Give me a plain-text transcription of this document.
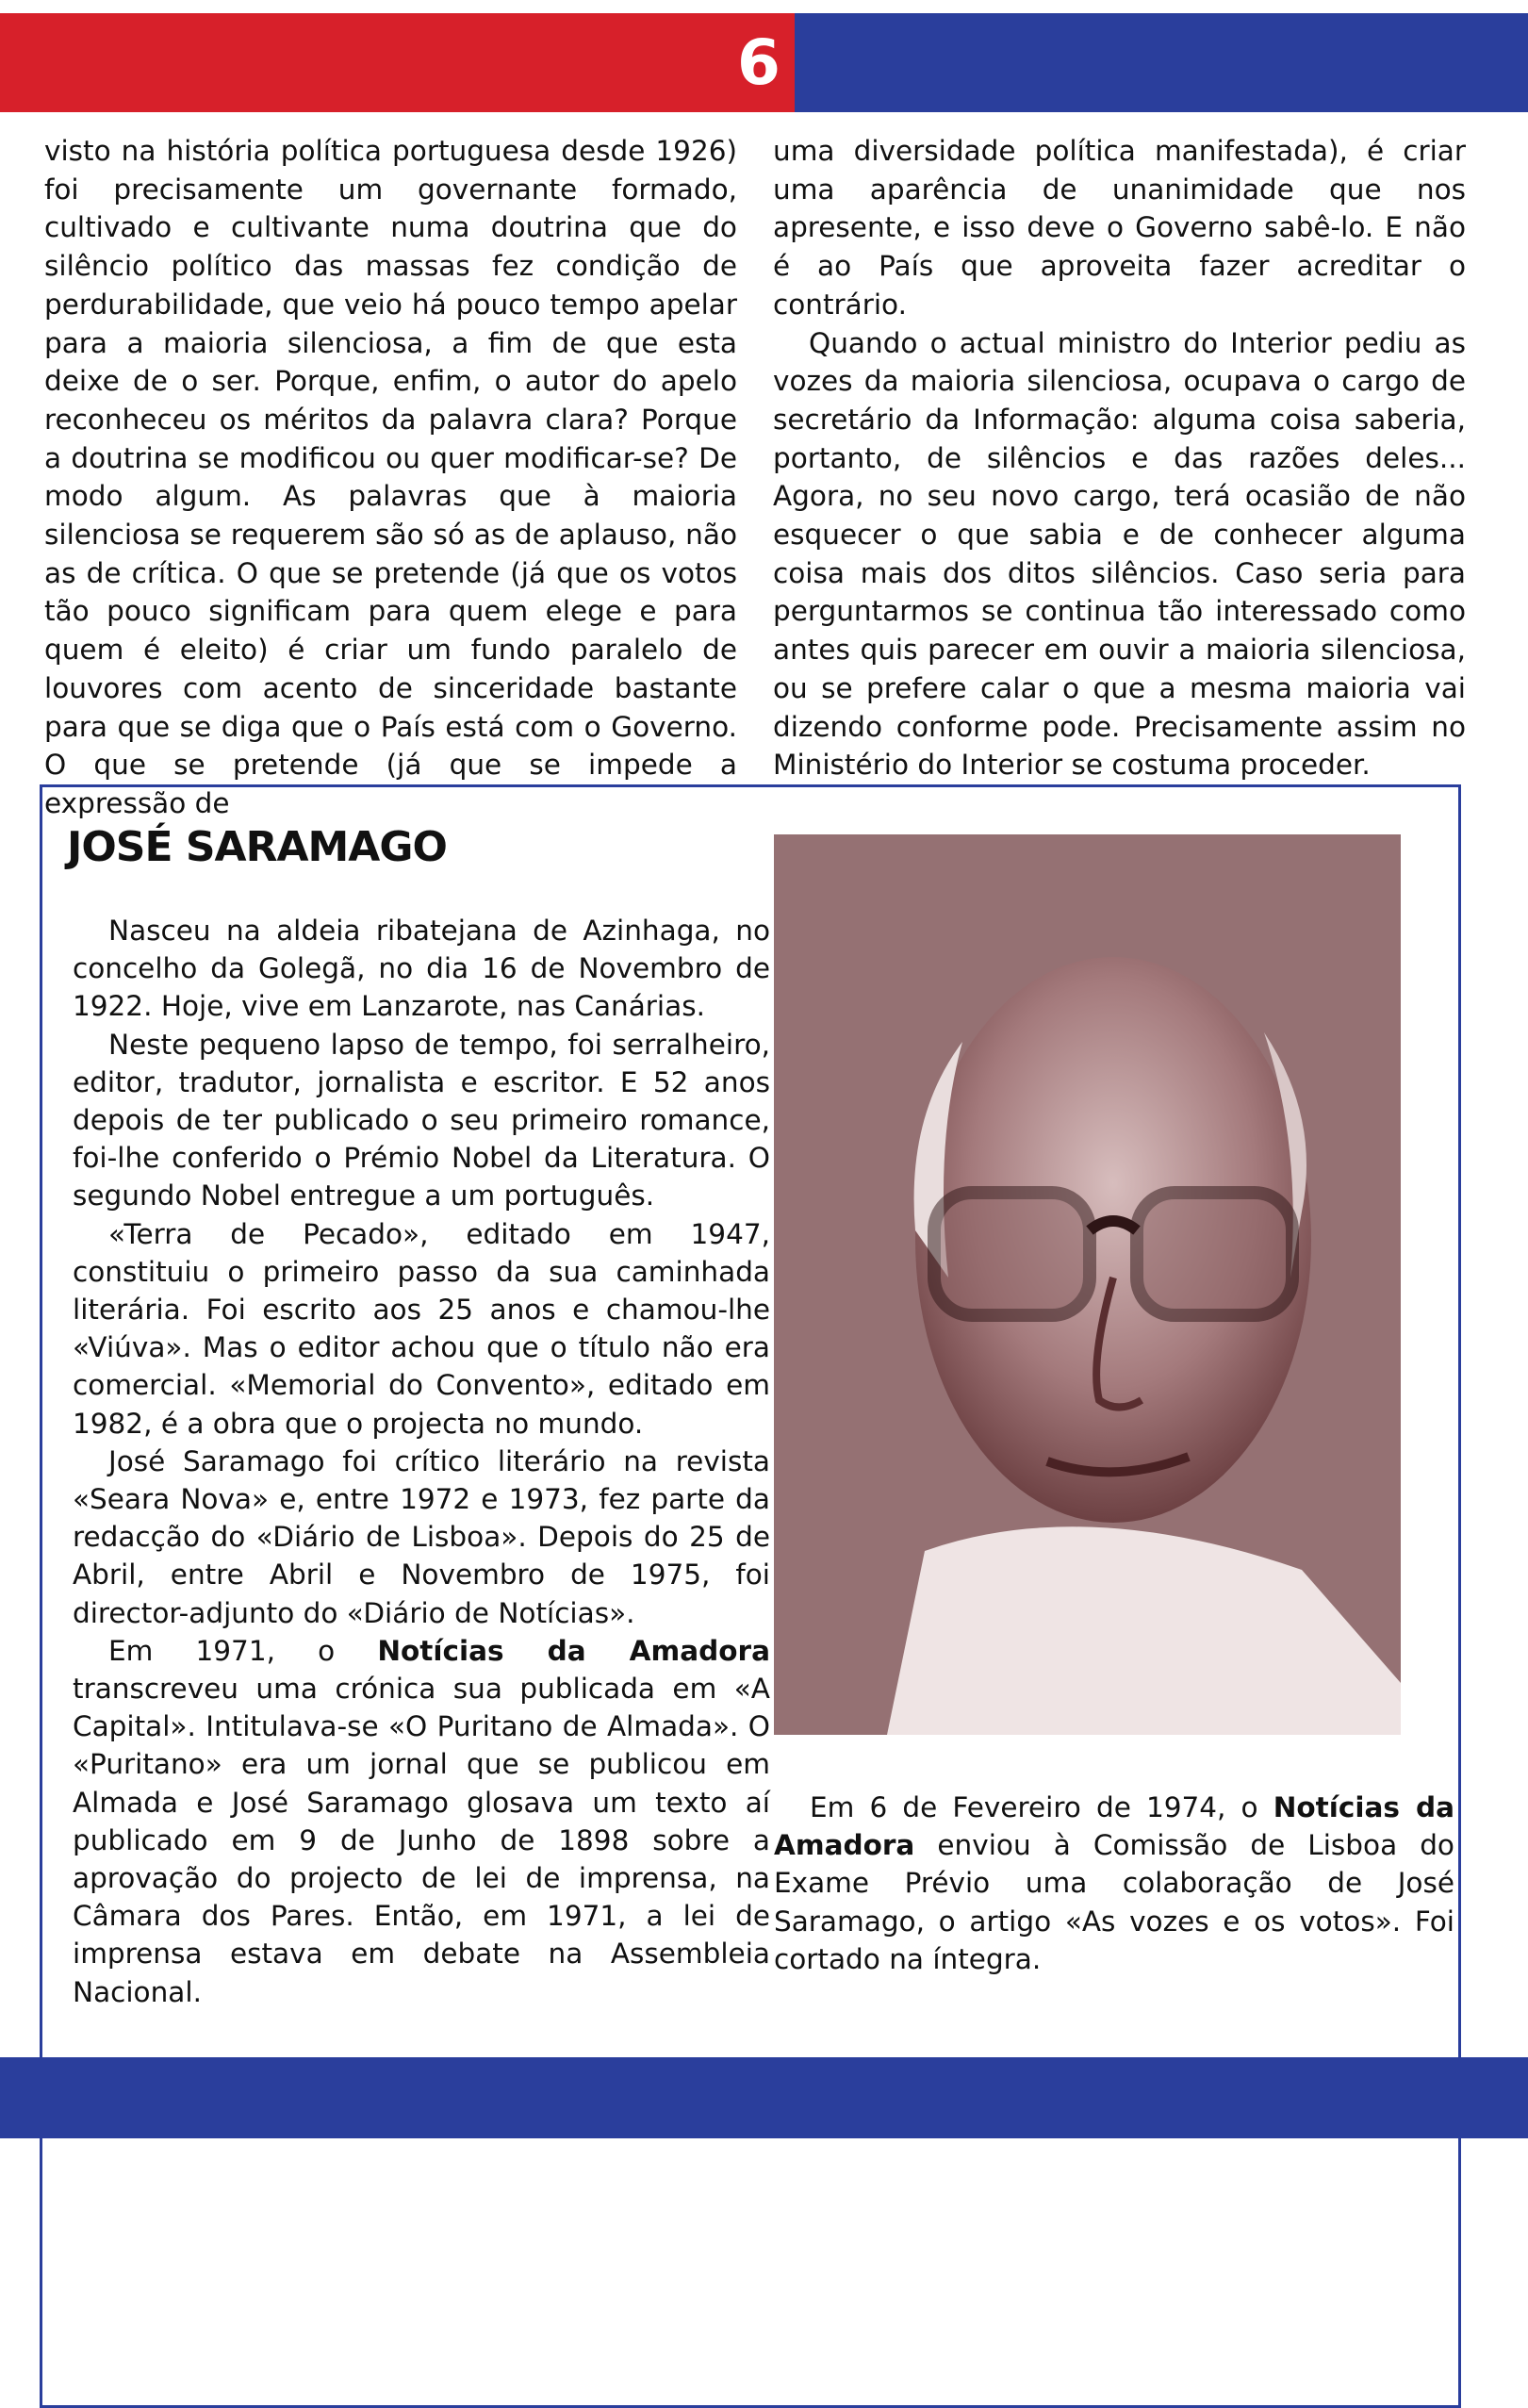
6

visto na história política portuguesa desde 1926) foi precisamente um governante formado, cultivado e cultivante numa doutrina que do silêncio político das massas fez condição de perdurabilidade, que veio há pouco tempo apelar para a maioria silenciosa, a fim de que esta deixe de o ser. Porque, enfim, o autor do apelo reconheceu os méritos da palavra clara? Porque a doutrina se modificou ou quer modificar-se? De modo algum. As palavras que à maioria silenciosa se requerem são só as de aplauso, não as de crítica. O que se pretende (já que os votos tão pouco significam para quem elege e para quem é eleito) é criar um fundo paralelo de louvores com acento de sinceridade bastante para que se diga que o País está com o Governo. O que se pretende (já que se impede a expressão de

uma diversidade política manifestada), é criar uma aparência de unanimidade que nos apresente, e isso deve o Governo sabê-lo. E não é ao País que aproveita fazer acreditar o contrário.

Quando o actual ministro do Interior pediu as vozes da maioria silenciosa, ocupava o cargo de secretário da Informação: alguma coisa saberia, portanto, de silêncios e das razões deles... Agora, no seu novo cargo, terá ocasião de não esquecer o que sabia e de conhecer alguma coisa mais dos ditos silêncios. Caso seria para perguntarmos se continua tão interessado como antes quis parecer em ouvir a maioria silenciosa, ou se prefere calar o que a mesma maioria vai dizendo conforme pode. Precisamente assim no Ministério do Interior se costuma proceder.

JOSÉ SARAMAGO

Nasceu na aldeia ribatejana de Azinhaga, no concelho da Golegã, no dia 16 de Novembro de 1922. Hoje, vive em Lanzarote, nas Canárias.

Neste pequeno lapso de tempo, foi serralheiro, editor, tradutor, jornalista e escritor. E 52 anos depois de ter publicado o seu primeiro romance, foi-lhe conferido o Prémio Nobel da Literatura. O segundo Nobel entregue a um português.

«Terra de Pecado», editado em 1947, constituiu o primeiro passo da sua caminhada literária. Foi escrito aos 25 anos e chamou-lhe «Viúva». Mas o editor achou que o título não era comercial. «Memorial do Convento», editado em 1982, é a obra que o projecta no mundo.

José Saramago foi crítico literário na revista «Seara Nova» e, entre 1972 e 1973, fez parte da redacção do «Diário de Lisboa». Depois do 25 de Abril, entre Abril e Novembro de 1975, foi director-adjunto do «Diário de Notícias».

Em 1971, o Notícias da Amadora transcreveu uma crónica sua publicada em «A Capital». Intitulava-se «O Puritano de Almada». O «Puritano» era um jornal que se publicou em Almada e José Saramago glosava um texto aí publicado em 9 de Junho de 1898 sobre a aprovação do projecto de lei de imprensa, na Câmara dos Pares. Então, em 1971, a lei de imprensa estava em debate na Assembleia Nacional.

Em 6 de Fevereiro de 1974, o Notícias da Amadora enviou à Comissão de Lisboa do Exame Prévio uma colaboração de José Saramago, o artigo «As vozes e os votos». Foi cortado na íntegra.
